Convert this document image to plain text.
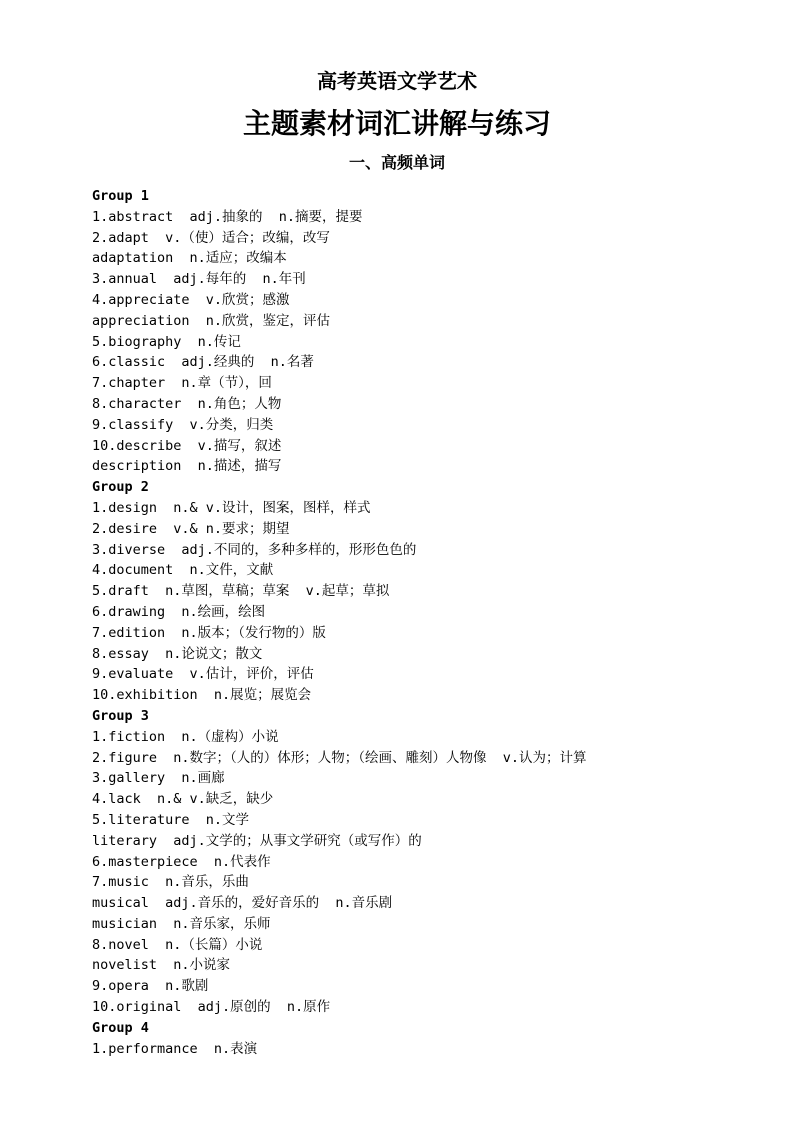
高考英语文学艺术
主题素材词汇讲解与练习
一、高频单词
Group 1
1.abstract  adj.抽象的  n.摘要，提要
2.adapt  v.（使）适合；改编，改写
adaptation  n.适应；改编本
3.annual  adj.每年的  n.年刊
4.appreciate  v.欣赏；感激
appreciation  n.欣赏，鉴定，评估
5.biography  n.传记
6.classic  adj.经典的  n.名著
7.chapter  n.章（节），回
8.character  n.角色；人物
9.classify  v.分类，归类
10.describe  v.描写，叙述
description  n.描述，描写
Group 2
1.design  n.& v.设计，图案，图样，样式
2.desire  v.& n.要求；期望
3.diverse  adj.不同的，多种多样的，形形色色的
4.document  n.文件，文献
5.draft  n.草图，草稿；草案  v.起草；草拟
6.drawing  n.绘画，绘图
7.edition  n.版本；（发行物的）版
8.essay  n.论说文；散文
9.evaluate  v.估计，评价，评估
10.exhibition  n.展览；展览会
Group 3
1.fiction  n.（虚构）小说
2.figure  n.数字；（人的）体形；人物；（绘画、雕刻）人物像  v.认为；计算
3.gallery  n.画廊
4.lack  n.& v.缺乏，缺少
5.literature  n.文学
literary  adj.文学的；从事文学研究（或写作）的
6.masterpiece  n.代表作
7.music  n.音乐，乐曲
musical  adj.音乐的，爱好音乐的  n.音乐剧
musician  n.音乐家，乐师
8.novel  n.（长篇）小说
novelist  n.小说家
9.opera  n.歌剧
10.original  adj.原创的  n.原作
Group 4
1.performance  n.表演
